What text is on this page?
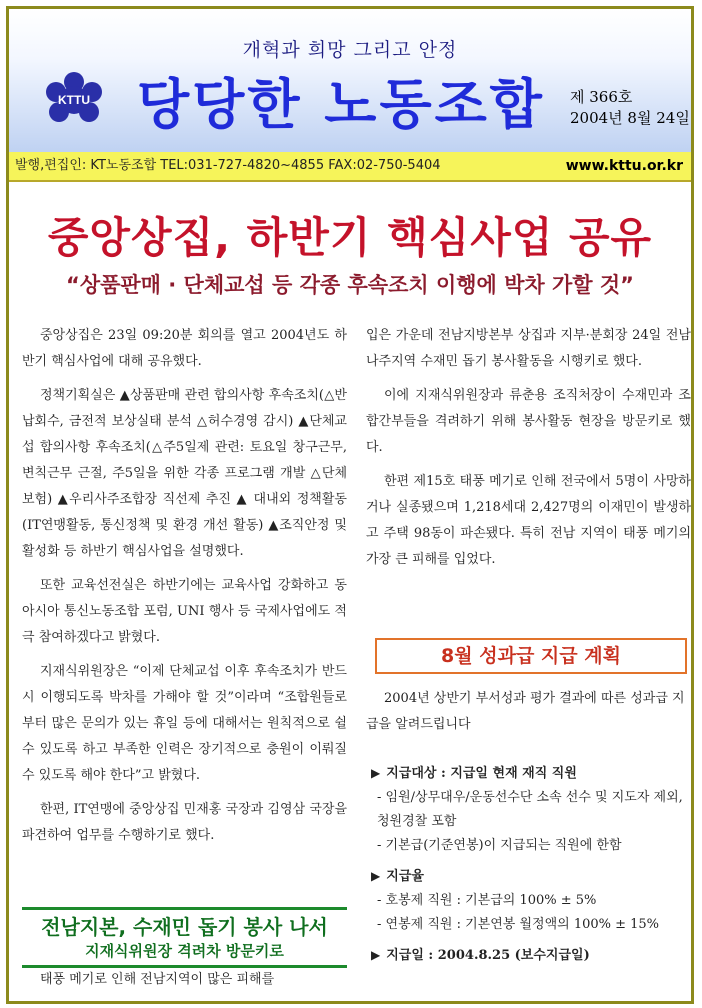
개혁과 희망 그리고 안정
KTTU 당당한 노동조합 제 366호
2004년 8월 24일
발행,편집인: KT노동조합 TEL:031-727-4820~4855 FAX:02-750-5404	www.kttu.or.kr
중앙상집, 하반기 핵심사업 공유
“상품판매 · 단체교섭 등 각종 후속조치 이행에 박차 가할 것”

중앙상집은 23일 09:20분 회의를 열고 2004년도 하반기 핵심사업에 대해 공유했다.

정책기획실은 ▲상품판매 관련 합의사항 후속조치(△반납회수, 금전적 보상실태 분석 △허수경영 감시) ▲단체교섭 합의사항 후속조치(△주5일제 관련: 토요일 창구근무, 변칙근무 근절, 주5일을 위한 각종 프로그램 개발 △단체보험) ▲우리사주조합장 직선제 추진 ▲ 대내외 정책활동(IT연맹활동, 통신정책 및 환경 개선 활동) ▲조직안정 및 활성화 등 하반기 핵심사업을 설명했다.

또한 교육선전실은 하반기에는 교육사업 강화하고 동아시아 통신노동조합 포럼, UNI 행사 등 국제사업에도 적극 참여하겠다고 밝혔다.

지재식위원장은 “이제 단체교섭 이후 후속조치가 반드시 이행되도록 박차를 가해야 할 것”이라며 “조합원들로부터 많은 문의가 있는 휴일 등에 대해서는 원칙적으로 쉴 수 있도록 하고 부족한 인력은 장기적으로 충원이 이뤄질 수 있도록 해야 한다”고 밝혔다.

한편, IT연맹에 중앙상집 민재홍 국장과 김영삼 국장을 파견하여 업무를 수행하기로 했다.

전남지본, 수재민 돕기 봉사 나서
지재식위원장 격려차 방문키로
태풍 메기로 인해 전남지역이 많은 피해를

입은 가운데 전남지방본부 상집과 지부·분회장 24일 전남 나주지역 수재민 돕기 봉사활동을 시행키로 했다.

이에 지재식위원장과 류춘용 조직처장이 수재민과 조합간부들을 격려하기 위해 봉사활동 현장을 방문키로 했다.

한편 제15호 태풍 메기로 인해 전국에서 5명이 사망하거나 실종됐으며 1,218세대 2,427명의 이재민이 발생하고 주택 98동이 파손됐다. 특히 전남 지역이 태풍 메기의 가장 큰 피해를 입었다.

8월 성과급 지급 계획
2004년 상반기 부서성과 평가 결과에 따른 성과급 지급을 알려드립니다
▶ 지급대상 : 지급일 현재 재직 직원
- 임원/상무대우/운동선수단 소속 선수 및 지도자 제외, 청원경찰 포함
- 기본급(기준연봉)이 지급되는 직원에 한함
▶ 지급율
- 호봉제 직원 : 기본급의 100% ± 5%
- 연봉제 직원 : 기본연봉 월정액의 100% ± 15%
▶ 지급일 : 2004.8.25 (보수지급일)
